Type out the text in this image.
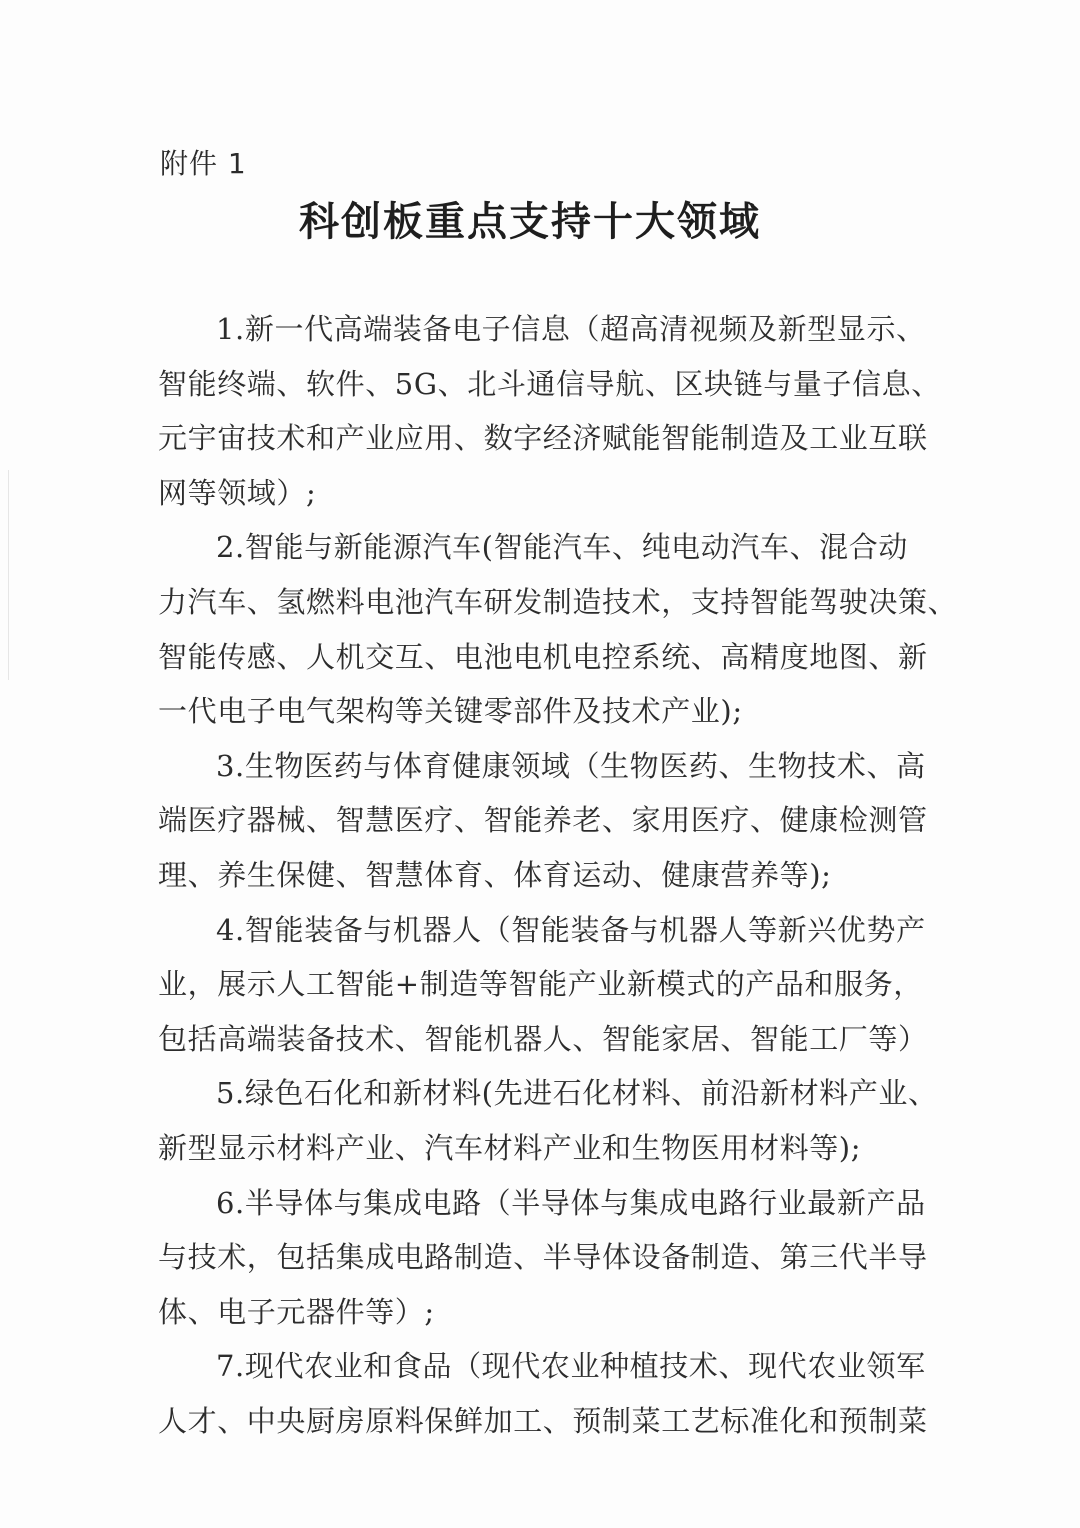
附件 1
科创板重点支持十大领域
1.新一代高端装备电子信息（超高清视频及新型显示、
智能终端、软件、5G、北斗通信导航、区块链与量子信息、
元宇宙技术和产业应用、数字经济赋能智能制造及工业互联
网等领域）;
2.智能与新能源汽车(智能汽车、纯电动汽车、混合动
力汽车、氢燃料电池汽车研发制造技术，支持智能驾驶决策、
智能传感、人机交互、电池电机电控系统、高精度地图、新
一代电子电气架构等关键零部件及技术产业);
3.生物医药与体育健康领域（生物医药、生物技术、高
端医疗器械、智慧医疗、智能养老、家用医疗、健康检测管
理、养生保健、智慧体育、体育运动、健康营养等);
4.智能装备与机器人（智能装备与机器人等新兴优势产
业，展示人工智能+制造等智能产业新模式的产品和服务，
包括高端装备技术、智能机器人、智能家居、智能工厂等）
5.绿色石化和新材料(先进石化材料、前沿新材料产业、
新型显示材料产业、汽车材料产业和生物医用材料等);
6.半导体与集成电路（半导体与集成电路行业最新产品
与技术，包括集成电路制造、半导体设备制造、第三代半导
体、电子元器件等）;
7.现代农业和食品（现代农业种植技术、现代农业领军
人才、中央厨房原料保鲜加工、预制菜工艺标准化和预制菜
